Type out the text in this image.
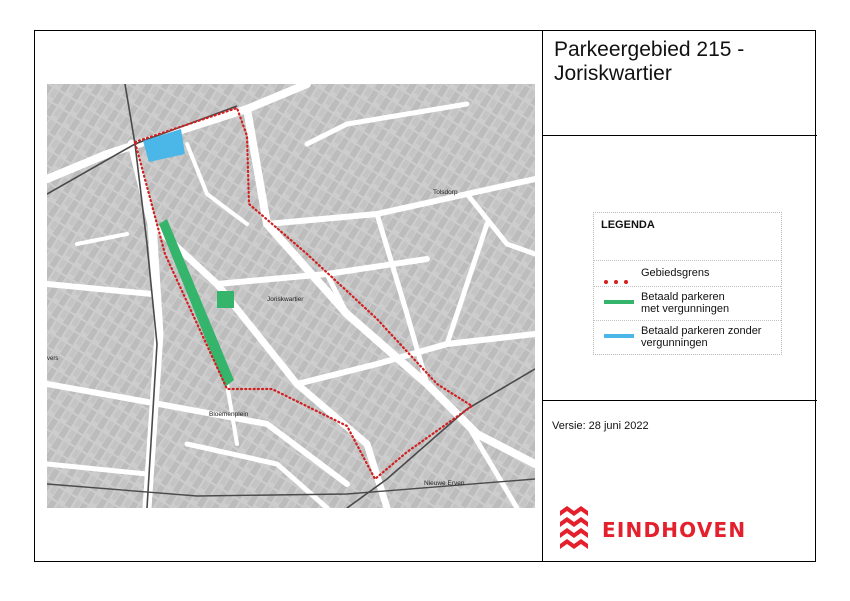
Joriskwartier
Tolsdorp
Bloemenplein
Nieuwe Erven
vers
Parkeergebied 215 -
Joriskwartier
LEGENDA
Gebiedsgrens
Betaald parkeren
met vergunningen
Betaald parkeren zonder
vergunningen
Versie: 28 juni 2022
EINDHOVEN
